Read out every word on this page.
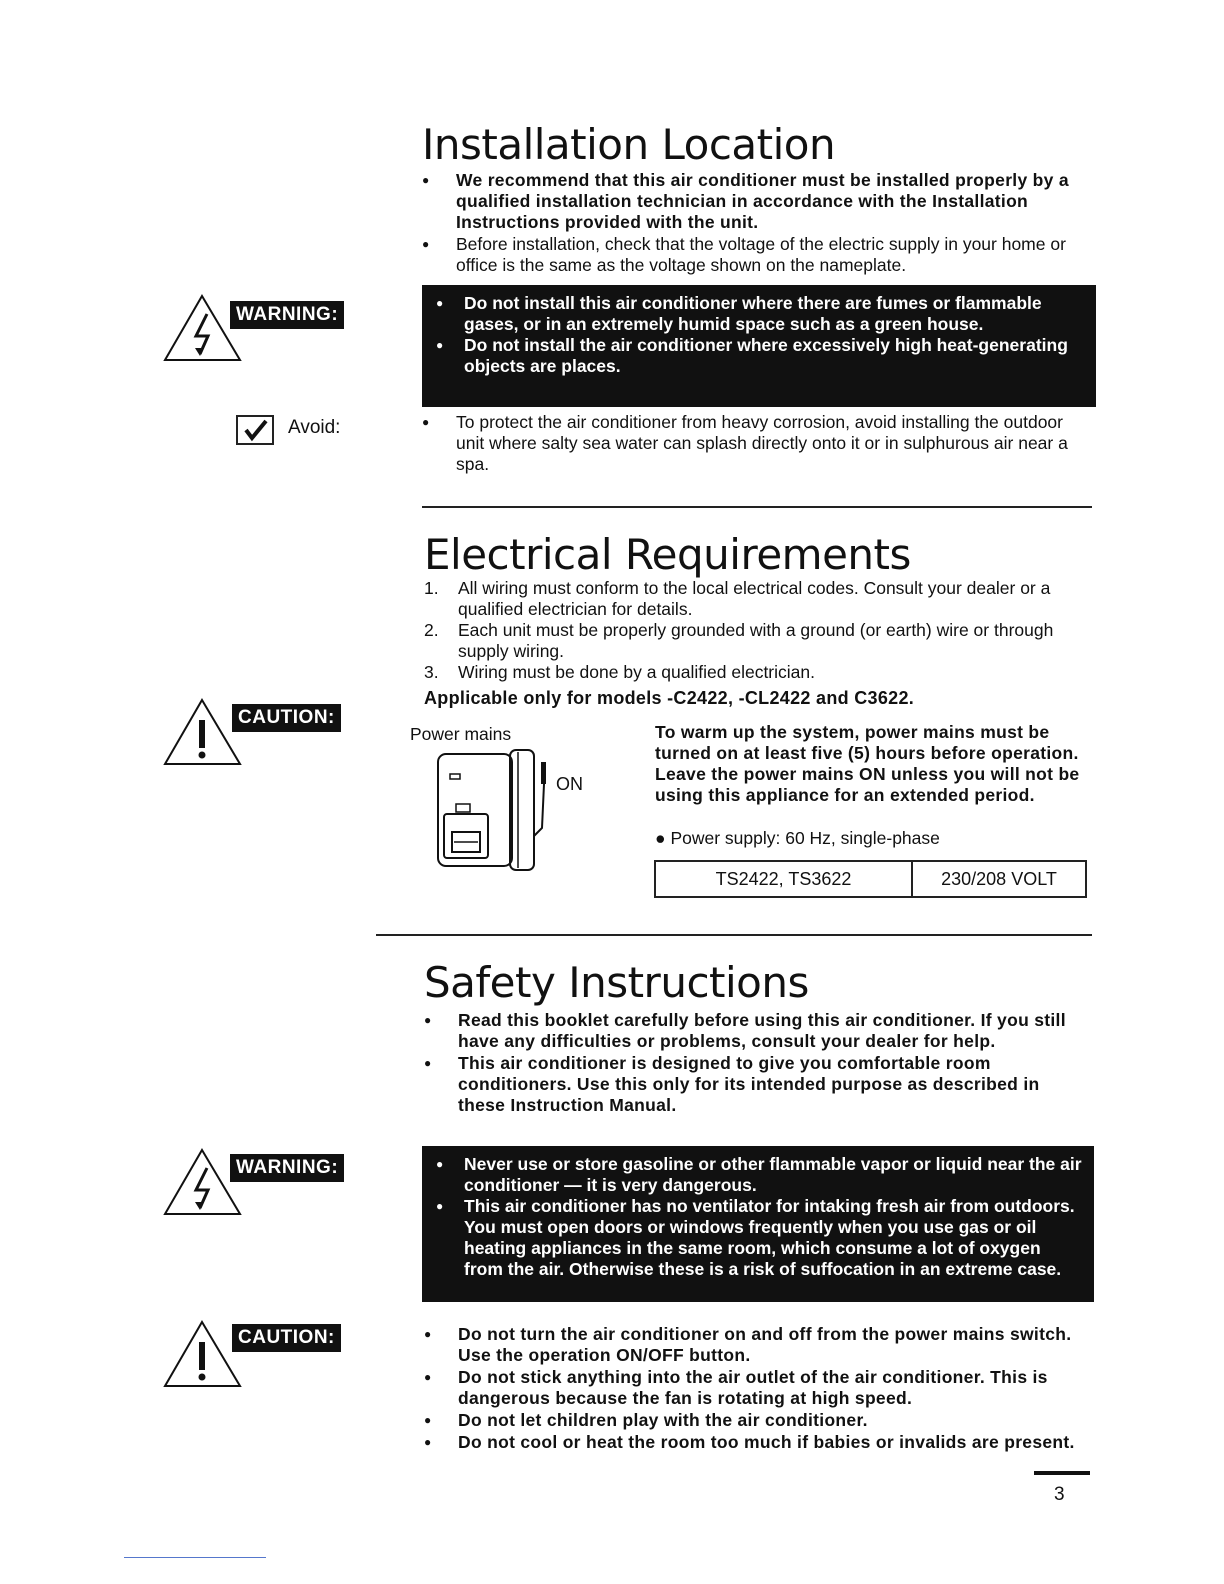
Installation Location
● We recommend that this air conditioner must be installed properly by a qualified installation technician in accordance with the Installation Instructions provided with the unit.
● Before installation, check that the voltage of the electric supply in your home or office is the same as the voltage shown on the nameplate.
WARNING:
● Do not install this air conditioner where there are fumes or flammable gases, or in an extremely humid space such as a green house.
● Do not install the air conditioner where excessively high heat-generating objects are places.
Avoid:	● To protect the air conditioner from heavy corrosion, avoid installing the outdoor unit where salty sea water can splash directly onto it or in sulphurous air near a spa.
Electrical Requirements
1. All wiring must conform to the local electrical codes. Consult your dealer or a qualified electrician for details.
2. Each unit must be properly grounded with a ground (or earth) wire or through supply wiring.
3. Wiring must be done by a qualified electrician.
Applicable only for models -C2422, -CL2422 and C3622.
CAUTION:
Power mains
ON
To warm up the system, power mains must be turned on at least five (5) hours before operation. Leave the power mains ON unless you will not be using this appliance for an extended period.
● Power supply: 60 Hz, single-phase
TS2422, TS3622	230/208 VOLT
Safety Instructions
● Read this booklet carefully before using this air conditioner. If you still have any difficulties or problems, consult your dealer for help.
● This air conditioner is designed to give you comfortable room conditioners. Use this only for its intended purpose as described in these Instruction Manual.
WARNING:	● Never use or store gasoline or other flammable vapor or liquid near the air conditioner — it is very dangerous.
● This air conditioner has no ventilator for intaking fresh air from outdoors. You must open doors or windows frequently when you use gas or oil heating appliances in the same room, which consume a lot of oxygen from the air. Otherwise these is a risk of suffocation in an extreme case.
CAUTION:	● Do not turn the air conditioner on and off from the power mains switch. Use the operation ON/OFF button.
● Do not stick anything into the air outlet of the air conditioner. This is dangerous because the fan is rotating at high speed.
● Do not let children play with the air conditioner.
● Do not cool or heat the room too much if babies or invalids are present.
3
